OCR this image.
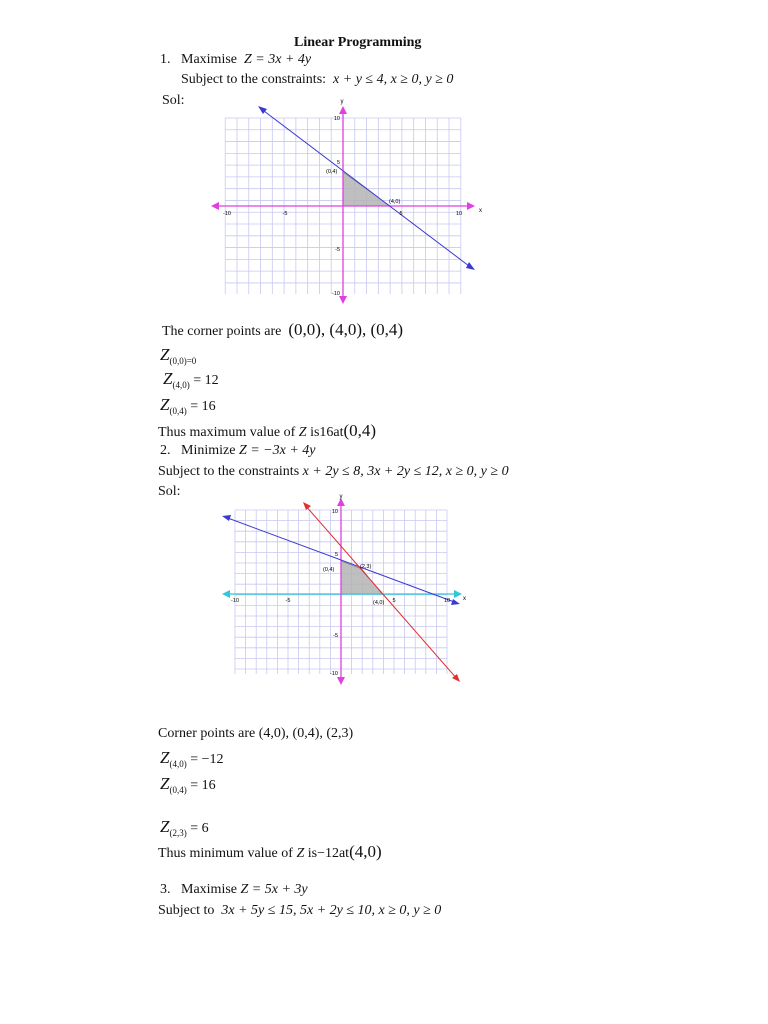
Linear Programming
1. Maximise Z = 3x + 4y
Subject to the constraints: x + y ≤ 4, x ≥ 0, y ≥ 0
Sol:	y
x
-10	-5	5	10
10
5
-5
-10
(0,4)
(4,0)
The corner points are (0,0), (4,0), (0,4)
$Z_{(0,0)=0}$
$Z_{(4,0)} = 12$
$Z_{(0,4)} = 16$
Thus maximum value of Z is16at(0,4)
2. Minimize Z = −3x + 4y
Subject to the constraints x + 2y ≤ 8, 3x + 2y ≤ 12, x ≥ 0, y ≥ 0
Sol:	y
x
-10	-5	5	10
10
5
-5
-10
(0,4)	(2,3)
(4,0)
Corner points are (4,0), (0,4), (2,3)
$Z_{(4,0)} = -12$
$Z_{(0,4)} = 16$
$Z_{(2,3)} = 6$
Thus minimum value of Z is−12at(4,0)
3. Maximise Z = 5x + 3y
Subject to 3x + 5y ≤ 15, 5x + 2y ≤ 10, x ≥ 0, y ≥ 0
